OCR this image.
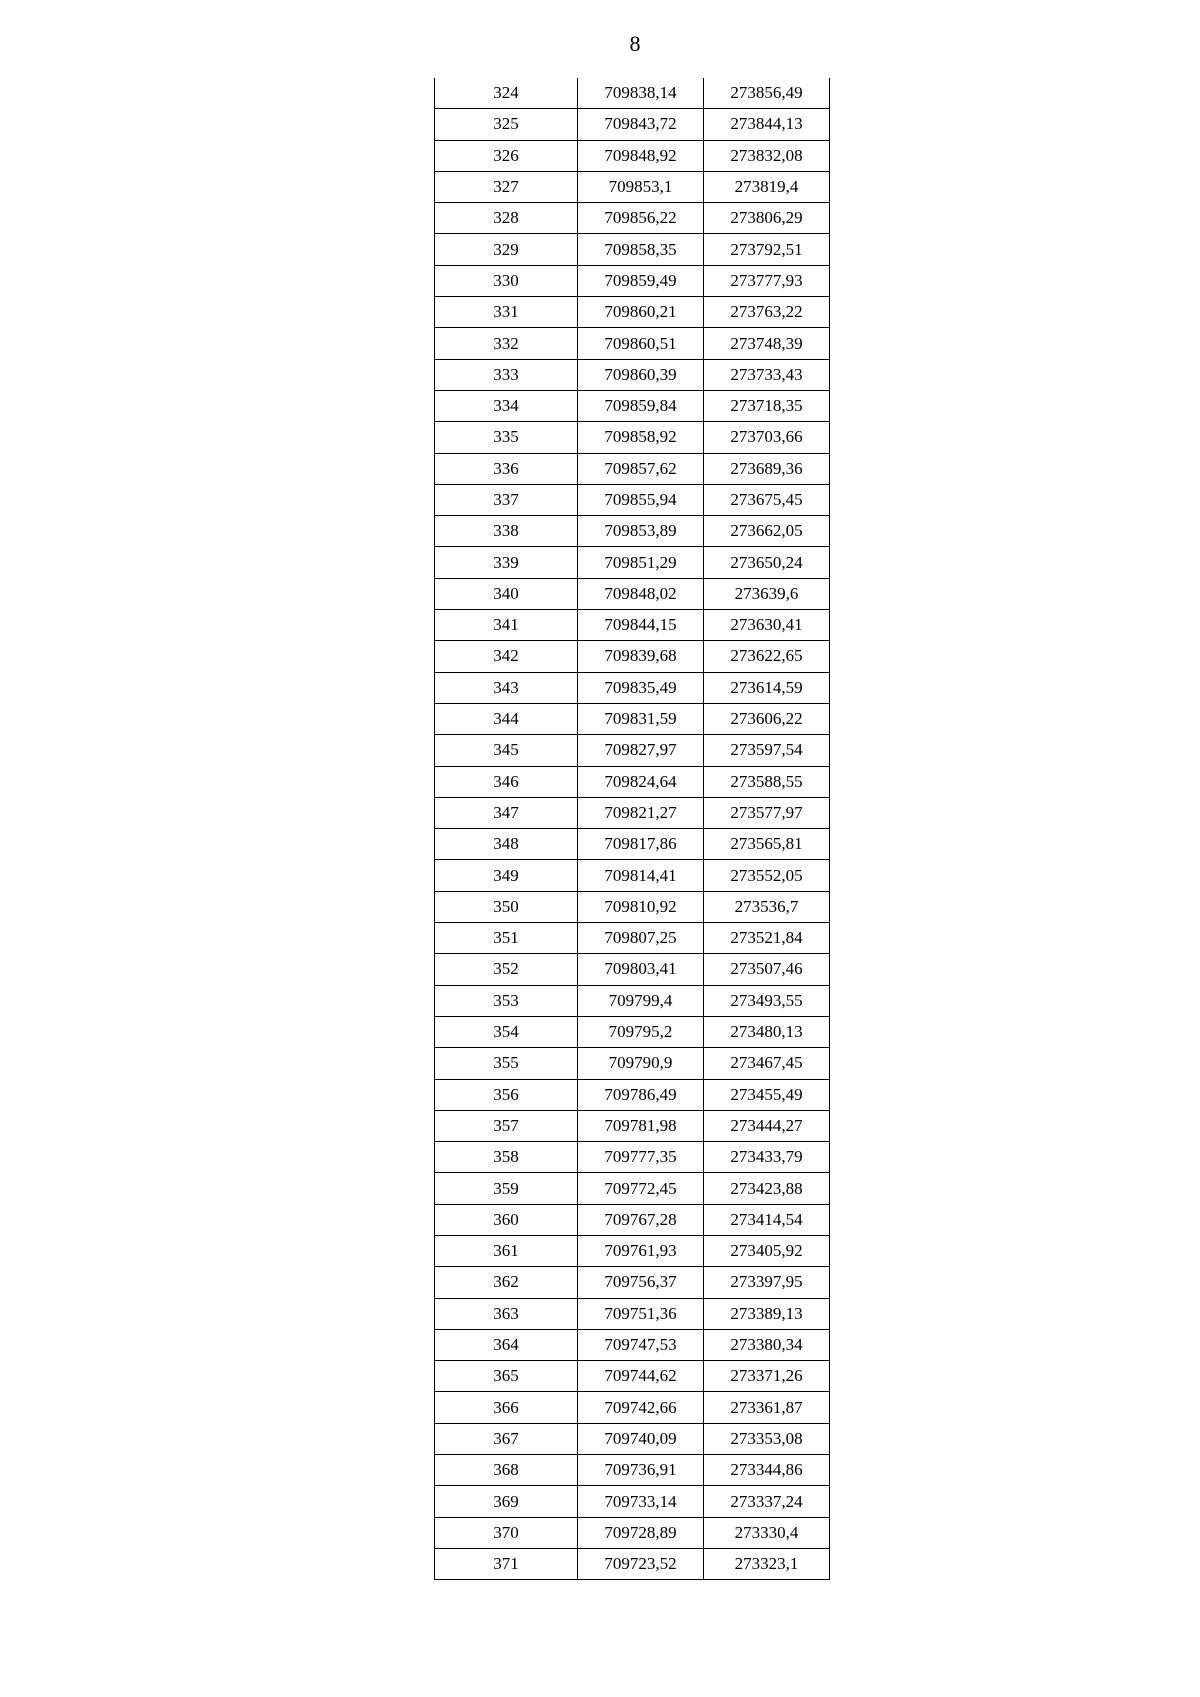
8
324	709838,14	273856,49
325	709843,72	273844,13
326	709848,92	273832,08
327	709853,1	273819,4
328	709856,22	273806,29
329	709858,35	273792,51
330	709859,49	273777,93
331	709860,21	273763,22
332	709860,51	273748,39
333	709860,39	273733,43
334	709859,84	273718,35
335	709858,92	273703,66
336	709857,62	273689,36
337	709855,94	273675,45
338	709853,89	273662,05
339	709851,29	273650,24
340	709848,02	273639,6
341	709844,15	273630,41
342	709839,68	273622,65
343	709835,49	273614,59
344	709831,59	273606,22
345	709827,97	273597,54
346	709824,64	273588,55
347	709821,27	273577,97
348	709817,86	273565,81
349	709814,41	273552,05
350	709810,92	273536,7
351	709807,25	273521,84
352	709803,41	273507,46
353	709799,4	273493,55
354	709795,2	273480,13
355	709790,9	273467,45
356	709786,49	273455,49
357	709781,98	273444,27
358	709777,35	273433,79
359	709772,45	273423,88
360	709767,28	273414,54
361	709761,93	273405,92
362	709756,37	273397,95
363	709751,36	273389,13
364	709747,53	273380,34
365	709744,62	273371,26
366	709742,66	273361,87
367	709740,09	273353,08
368	709736,91	273344,86
369	709733,14	273337,24
370	709728,89	273330,4
371	709723,52	273323,1
